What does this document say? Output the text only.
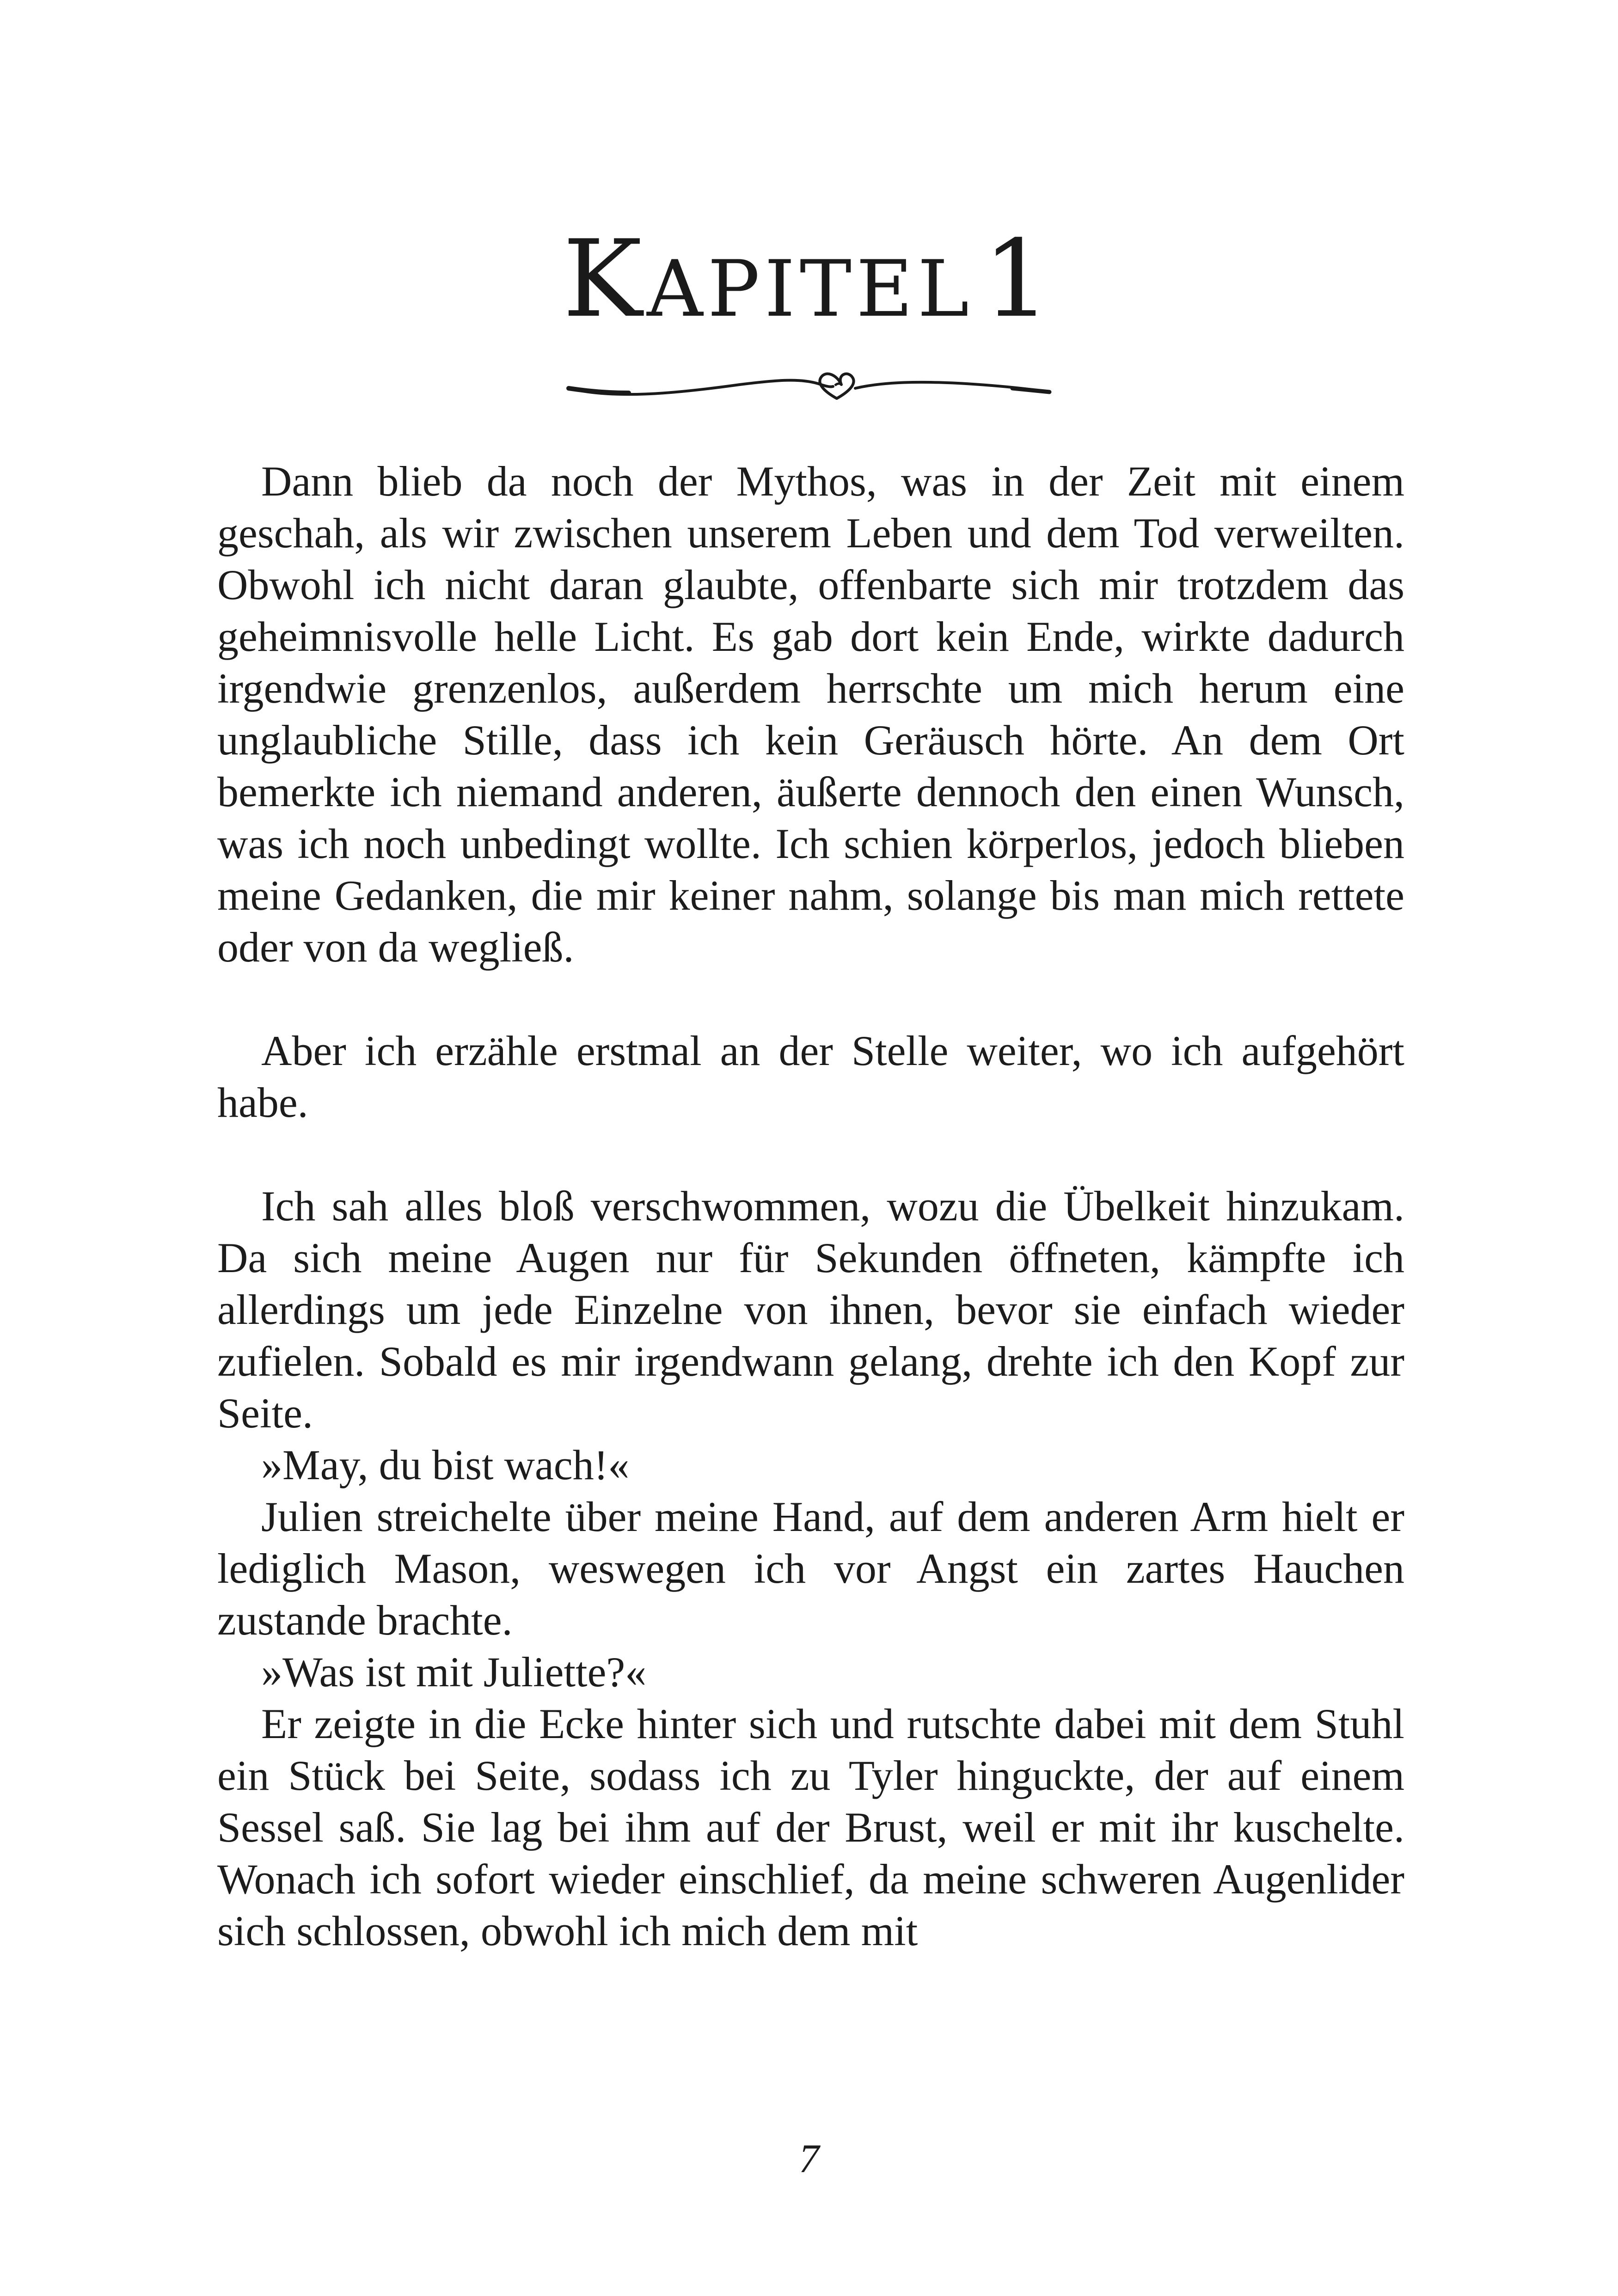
KAPITEL 1

Dann blieb da noch der Mythos, was in der Zeit mit einem geschah, als wir zwischen unserem Leben und dem Tod verweilten. Obwohl ich nicht daran glaubte, offenbarte sich mir trotzdem das geheimnisvolle helle Licht. Es gab dort kein Ende, wirkte dadurch irgendwie grenzenlos, außerdem herrschte um mich herum eine unglaubliche Stille, dass ich kein Geräusch hörte. An dem Ort bemerkte ich niemand anderen, äußerte dennoch den einen Wunsch, was ich noch unbedingt wollte. Ich schien körperlos, jedoch blieben meine Gedanken, die mir keiner nahm, solange bis man mich rettete oder von da wegließ.

Aber ich erzähle erstmal an der Stelle weiter, wo ich aufgehört habe.

Ich sah alles bloß verschwommen, wozu die Übelkeit hinzukam. Da sich meine Augen nur für Sekunden öffneten, kämpfte ich allerdings um jede Einzelne von ihnen, bevor sie einfach wieder zufielen. Sobald es mir irgendwann gelang, drehte ich den Kopf zur Seite.

»May, du bist wach!«

Julien streichelte über meine Hand, auf dem anderen Arm hielt er lediglich Mason, weswegen ich vor Angst ein zartes Hauchen zustande brachte.

»Was ist mit Juliette?«

Er zeigte in die Ecke hinter sich und rutschte dabei mit dem Stuhl ein Stück bei Seite, sodass ich zu Tyler hinguckte, der auf einem Sessel saß. Sie lag bei ihm auf der Brust, weil er mit ihr kuschelte. Wonach ich sofort wieder einschlief, da meine schweren Augenlider sich schlossen, obwohl ich mich dem mit

7
